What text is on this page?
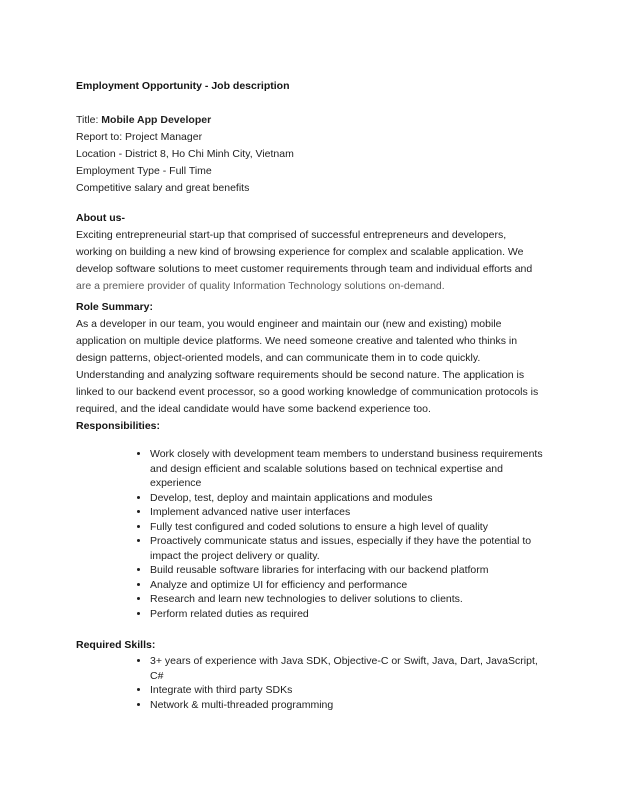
Employment Opportunity - Job description

Title: Mobile App Developer

Report to: Project Manager

Location - District 8, Ho Chi Minh City, Vietnam

Employment Type - Full Time

Competitive salary and great benefits

About us-

Exciting entrepreneurial start-up that comprised of successful entrepreneurs and developers, working on building a new kind of browsing experience for complex and scalable application. We develop software solutions to meet customer requirements through team and individual efforts and are a premiere provider of quality Information Technology solutions on-demand.

Role Summary:

As a developer in our team, you would engineer and maintain our (new and existing) mobile application on multiple device platforms. We need someone creative and talented who thinks in design patterns, object-oriented models, and can communicate them in to code quickly. Understanding and analyzing software requirements should be second nature. The application is linked to our backend event processor, so a good working knowledge of communication protocols is required, and the ideal candidate would have some backend experience too.

Responsibilities:
• Work closely with development team members to understand business requirements and design efficient and scalable solutions based on technical expertise and experience
• Develop, test, deploy and maintain applications and modules
• Implement advanced native user interfaces
• Fully test configured and coded solutions to ensure a high level of quality
• Proactively communicate status and issues, especially if they have the potential to impact the project delivery or quality.
• Build reusable software libraries for interfacing with our backend platform
• Analyze and optimize UI for efficiency and performance
• Research and learn new technologies to deliver solutions to clients.
• Perform related duties as required
Required Skills:
• 3+ years of experience with Java SDK, Objective-C or Swift, Java, Dart, JavaScript, C#
• Integrate with third party SDKs
• Network & multi-threaded programming
